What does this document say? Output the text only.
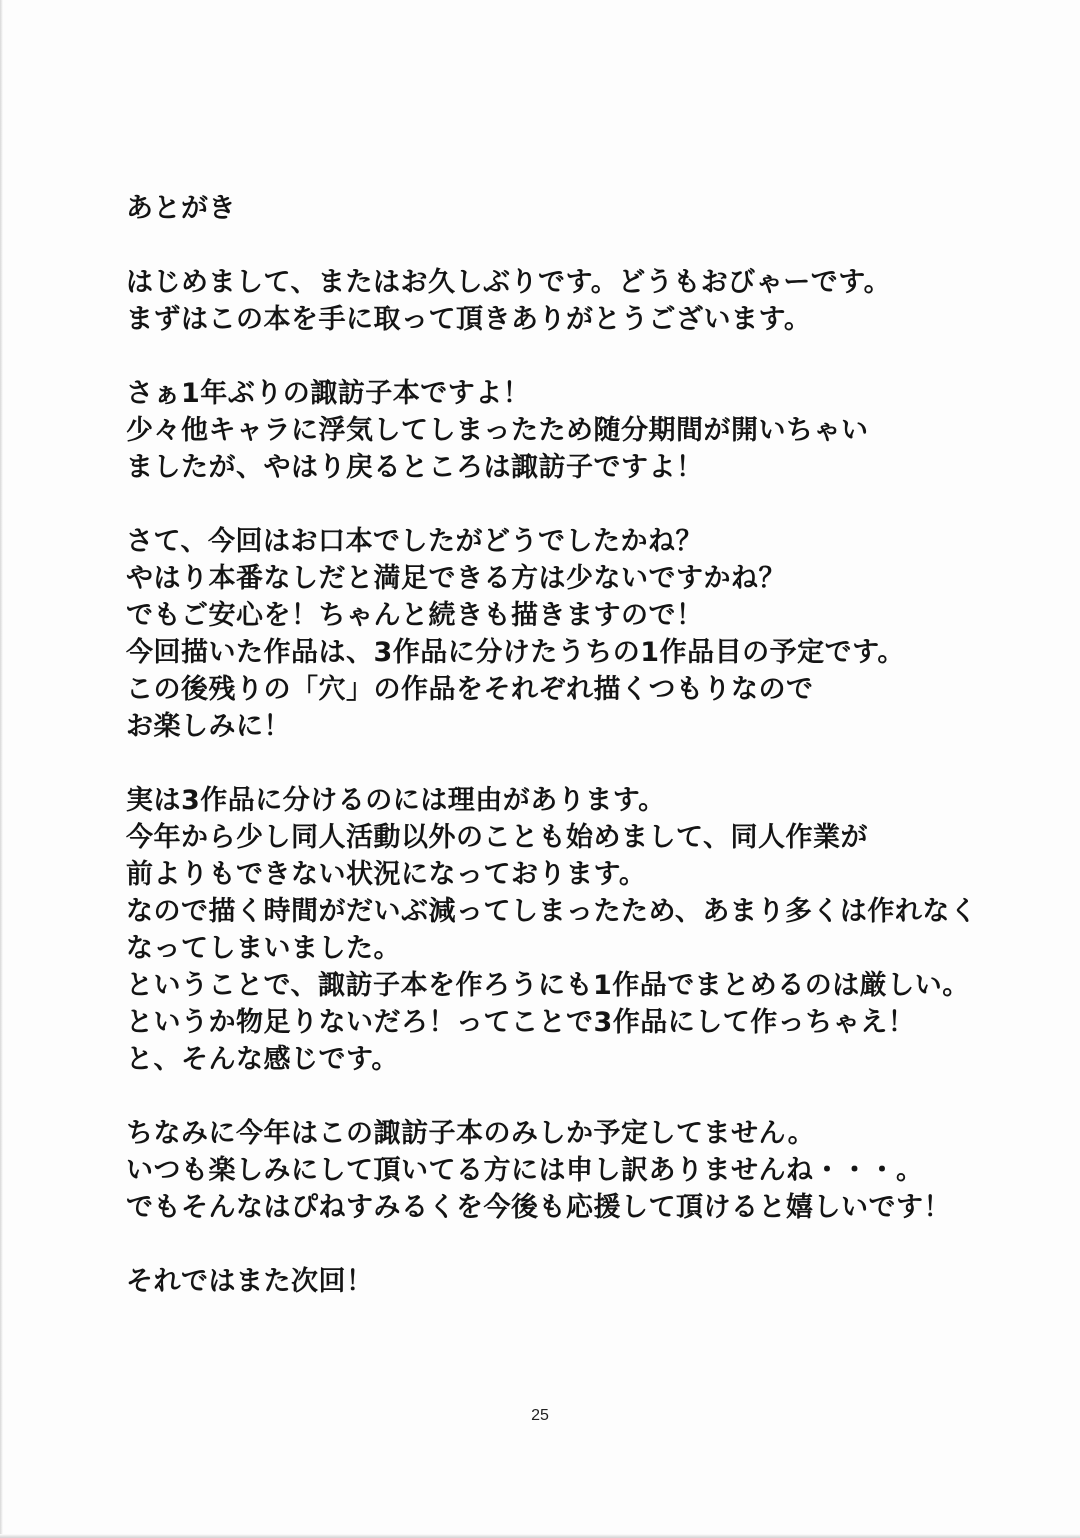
あとがき
はじめまして、またはお久しぶりです。どうもおびゃーです。
まずはこの本を手に取って頂きありがとうございます。
さぁ1年ぶりの諏訪子本ですよ！
少々他キャラに浮気してしまったため随分期間が開いちゃい
ましたが、やはり戻るところは諏訪子ですよ！
さて、今回はお口本でしたがどうでしたかね？
やはり本番なしだと満足できる方は少ないですかね？
でもご安心を！ちゃんと続きも描きますので！
今回描いた作品は、3作品に分けたうちの1作品目の予定です。
この後残りの「穴」の作品をそれぞれ描くつもりなので
お楽しみに！
実は3作品に分けるのには理由があります。
今年から少し同人活動以外のことも始めまして、同人作業が
前よりもできない状況になっております。
なので描く時間がだいぶ減ってしまったため、あまり多くは作れなく
なってしまいました。
ということで、諏訪子本を作ろうにも1作品でまとめるのは厳しい。
というか物足りないだろ！ってことで3作品にして作っちゃえ！
と、そんな感じです。
ちなみに今年はこの諏訪子本のみしか予定してません。
いつも楽しみにして頂いてる方には申し訳ありませんね・・・。
でもそんなはぴねすみるくを今後も応援して頂けると嬉しいです！
それではまた次回！
25
